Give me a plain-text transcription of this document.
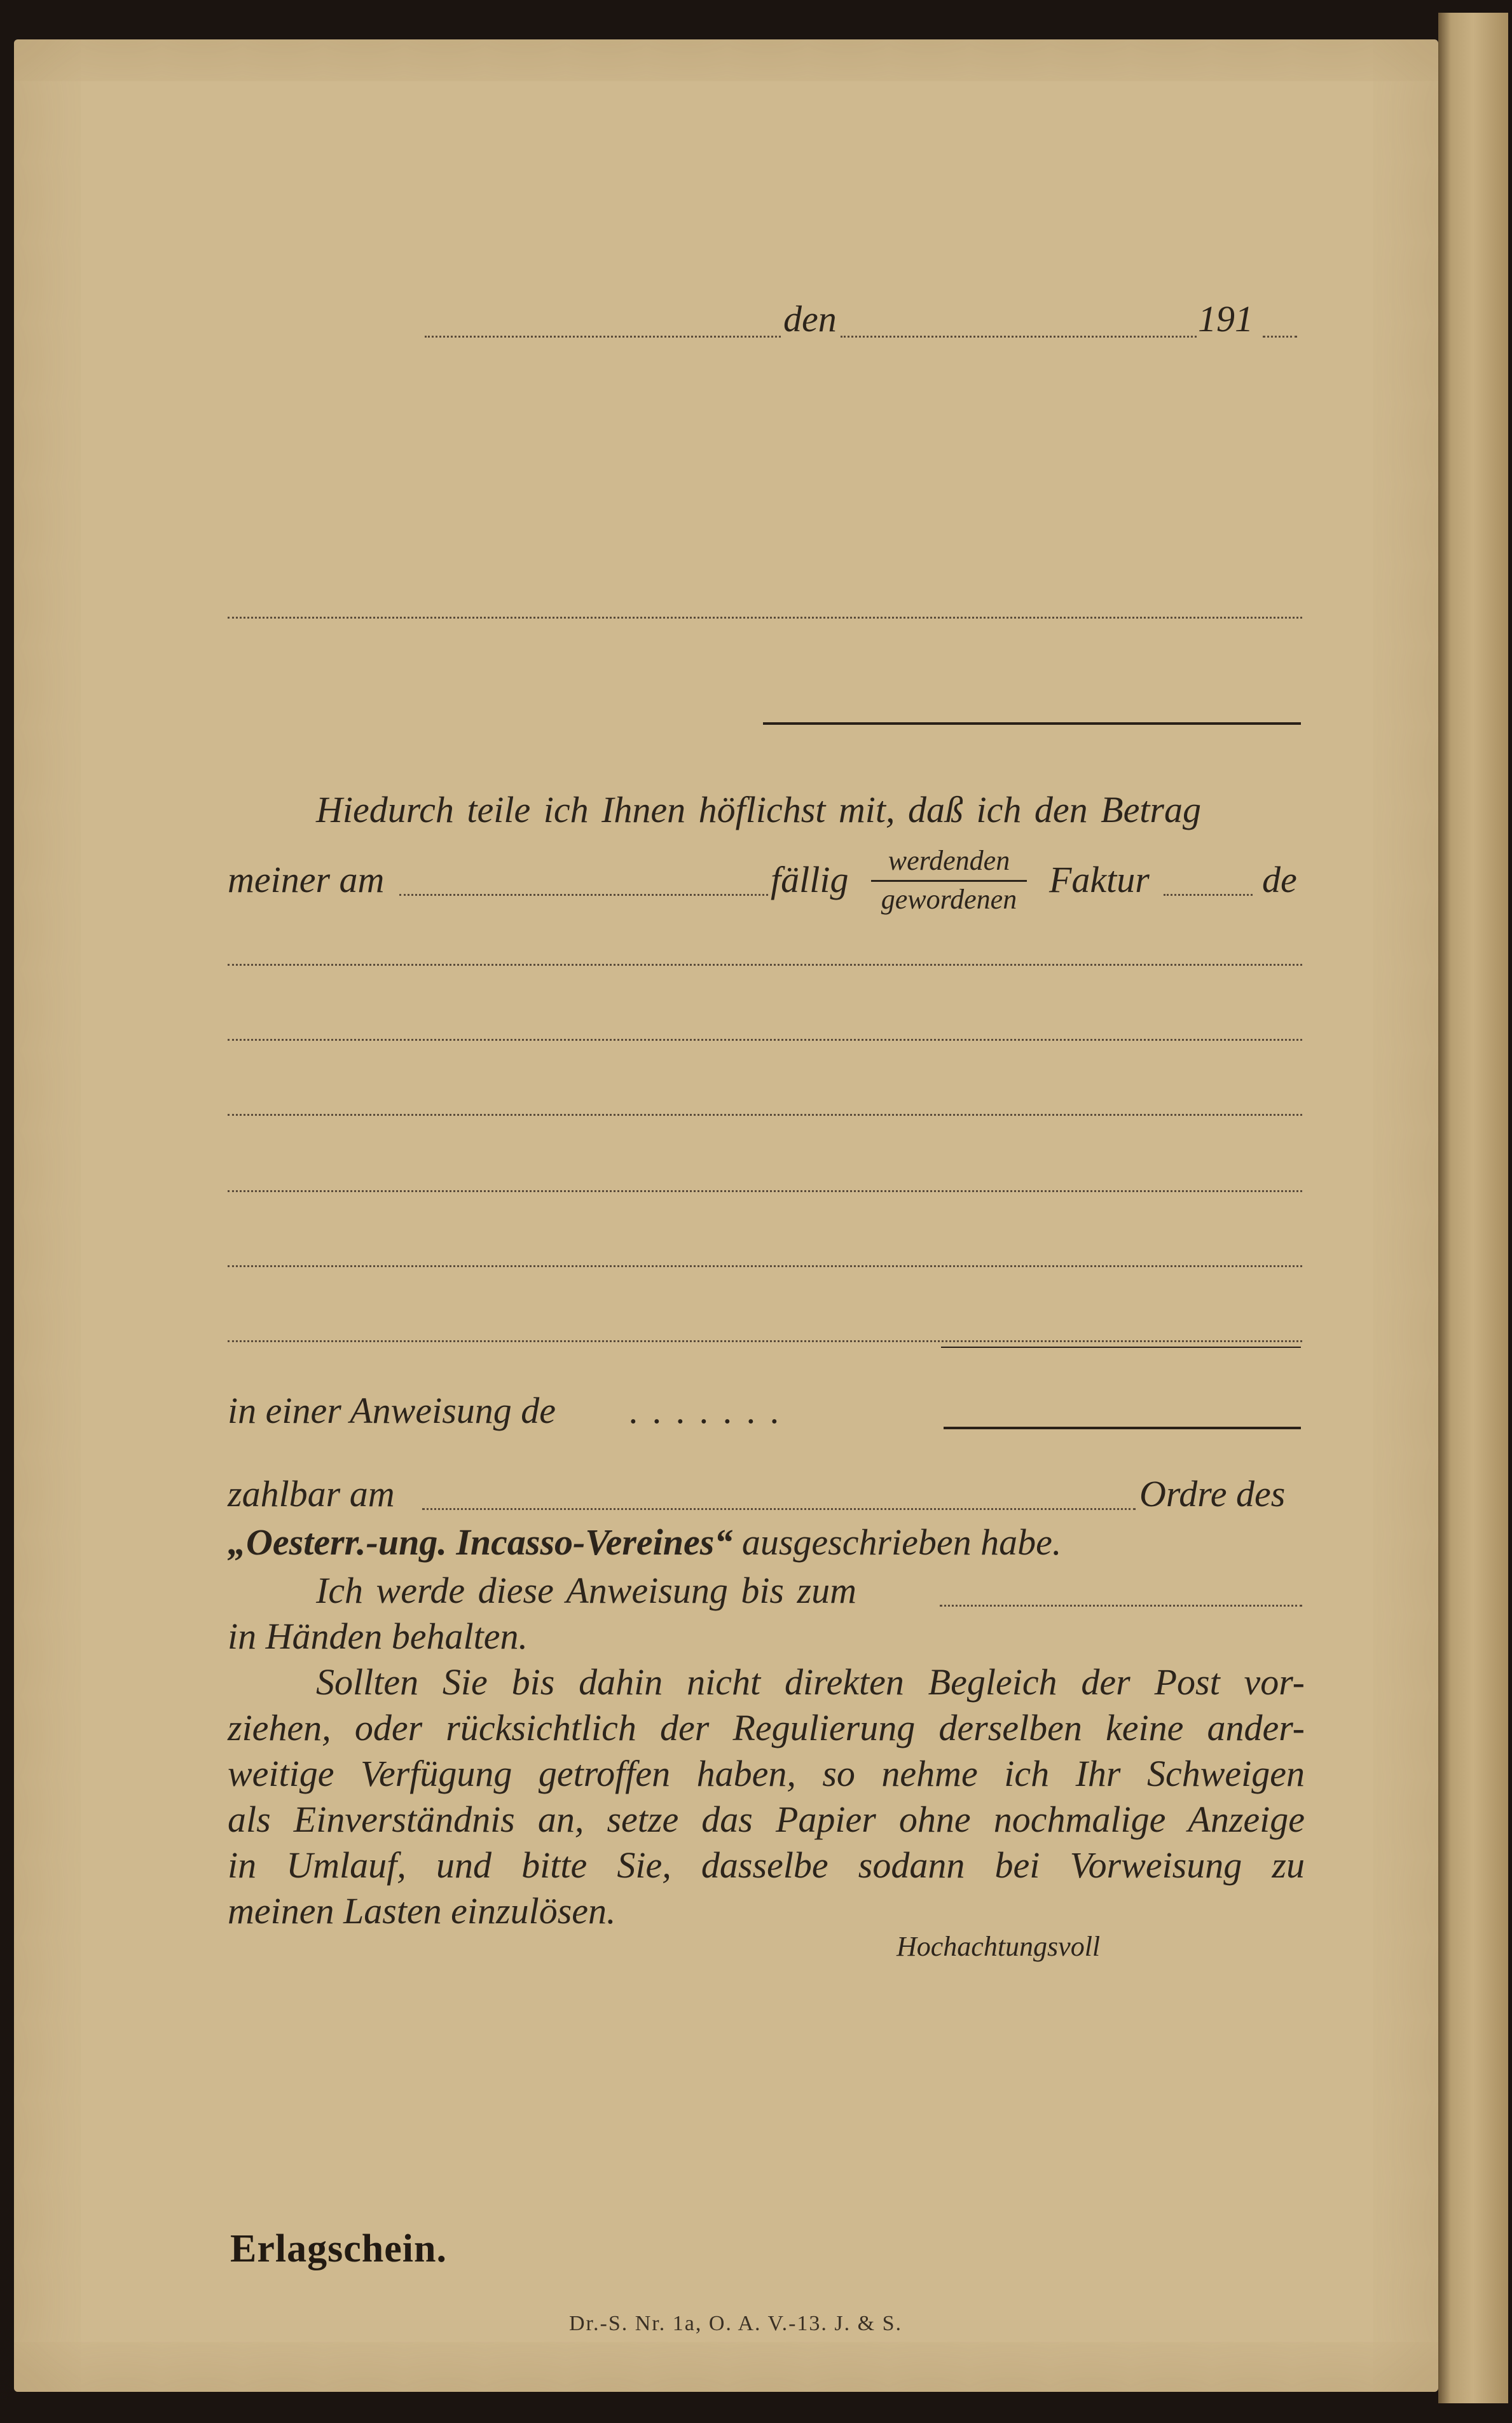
den	191
Hiedurch teile ich Ihnen höflichst mit, daß ich den Betrag
meiner am	fällig	werdenden
gewordenen Faktur	de
in einer Anweisung de . . . . . . .
zahlbar am	Ordre des
„Oesterr.-ung. Incasso-Vereines“ ausgeschrieben habe.
Ich werde diese Anweisung bis zum
in Händen behalten.
Sollten Sie bis dahin nicht direkten Begleich der Post vor-
ziehen, oder rücksichtlich der Regulierung derselben keine ander-
weitige Verfügung getroffen haben, so nehme ich Ihr Schweigen
als Einverständnis an, setze das Papier ohne nochmalige Anzeige
in Umlauf, und bitte Sie, dasselbe sodann bei Vorweisung zu
meinen Lasten einzulösen.
Hochachtungsvoll
Erlagschein.
Dr.-S. Nr. 1a, O. A. V.-13. J. & S.
